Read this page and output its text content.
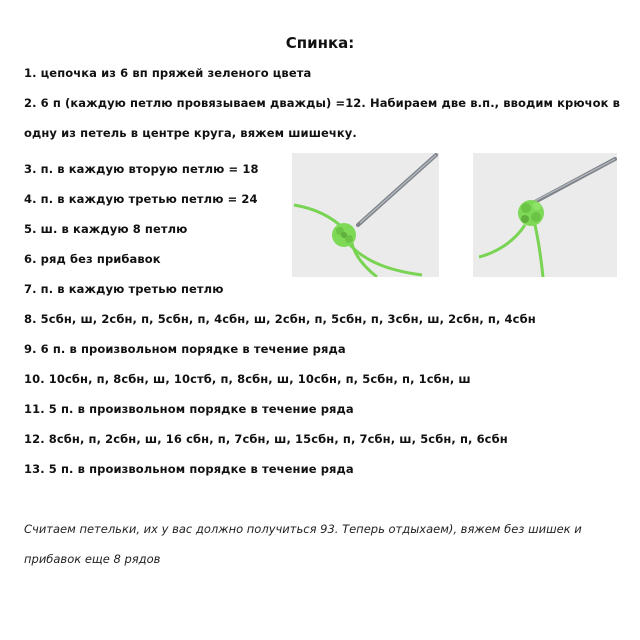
Спинка:
1. цепочка из 6 вп пряжей зеленого цвета
2. 6 п (каждую петлю провязываем дважды) =12. Набираем две в.п., вводим крючок в
одну из петель в центре круга, вяжем шишечку.
3. п. в каждую вторую петлю = 18
4. п. в каждую третью петлю = 24
5. ш. в каждую 8 петлю
6. ряд без прибавок
7. п. в каждую третью петлю
8. 5сбн, ш, 2сбн, п, 5сбн, п, 4сбн, ш, 2сбн, п, 5сбн, п, 3сбн, ш, 2сбн, п, 4сбн
9. 6 п. в произвольном порядке в течение ряда
10. 10сбн, п, 8сбн, ш, 10стб, п, 8сбн, ш, 10сбн, п, 5сбн, п, 1сбн, ш
11. 5 п. в произвольном порядке в течение ряда
12. 8сбн, п, 2сбн, ш, 16 сбн, п, 7сбн, ш, 15сбн, п, 7сбн, ш, 5сбн, п, 6сбн
13. 5 п. в произвольном порядке в течение ряда
Считаем петельки, их у вас должно получиться 93. Теперь отдыхаем), вяжем без шишек и
прибавок еще 8 рядов
